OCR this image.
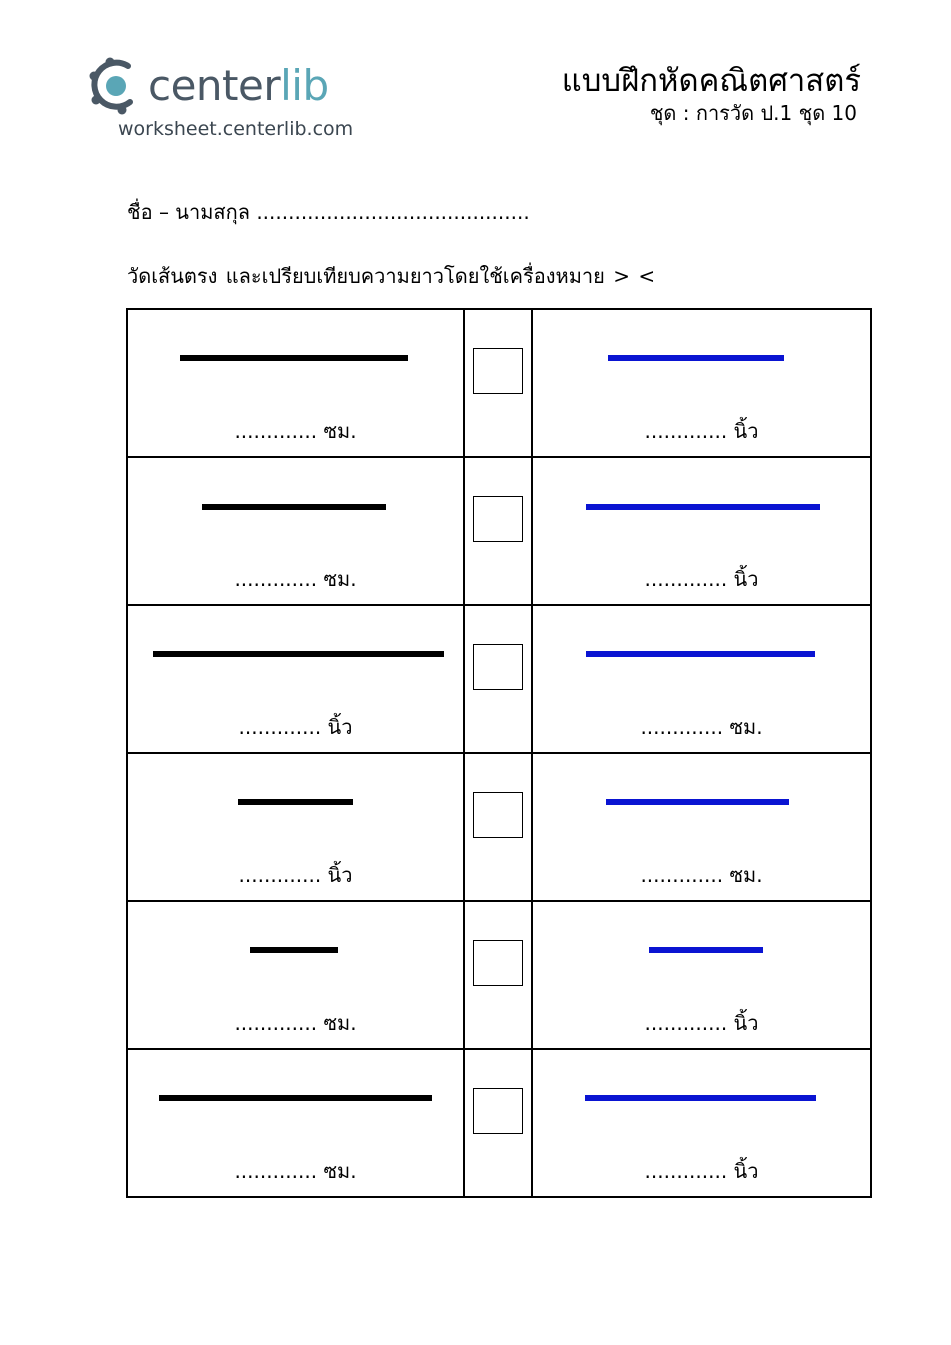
centerlib
worksheet.centerlib.com
แบบฝึกหัดคณิตศาสตร์
ชุด : การวัด ป.1 ชุด 10
ชื่อ – นามสกุล ...........................................
วัดเส้นตรง และเปรียบเทียบความยาวโดยใช้เครื่องหมาย > <
............. ซม.		............. นิ้ว

............. ซม.		............. นิ้ว

............. นิ้ว		............. ซม.

............. นิ้ว		............. ซม.

............. ซม.		............. นิ้ว

............. ซม.		............. นิ้ว
